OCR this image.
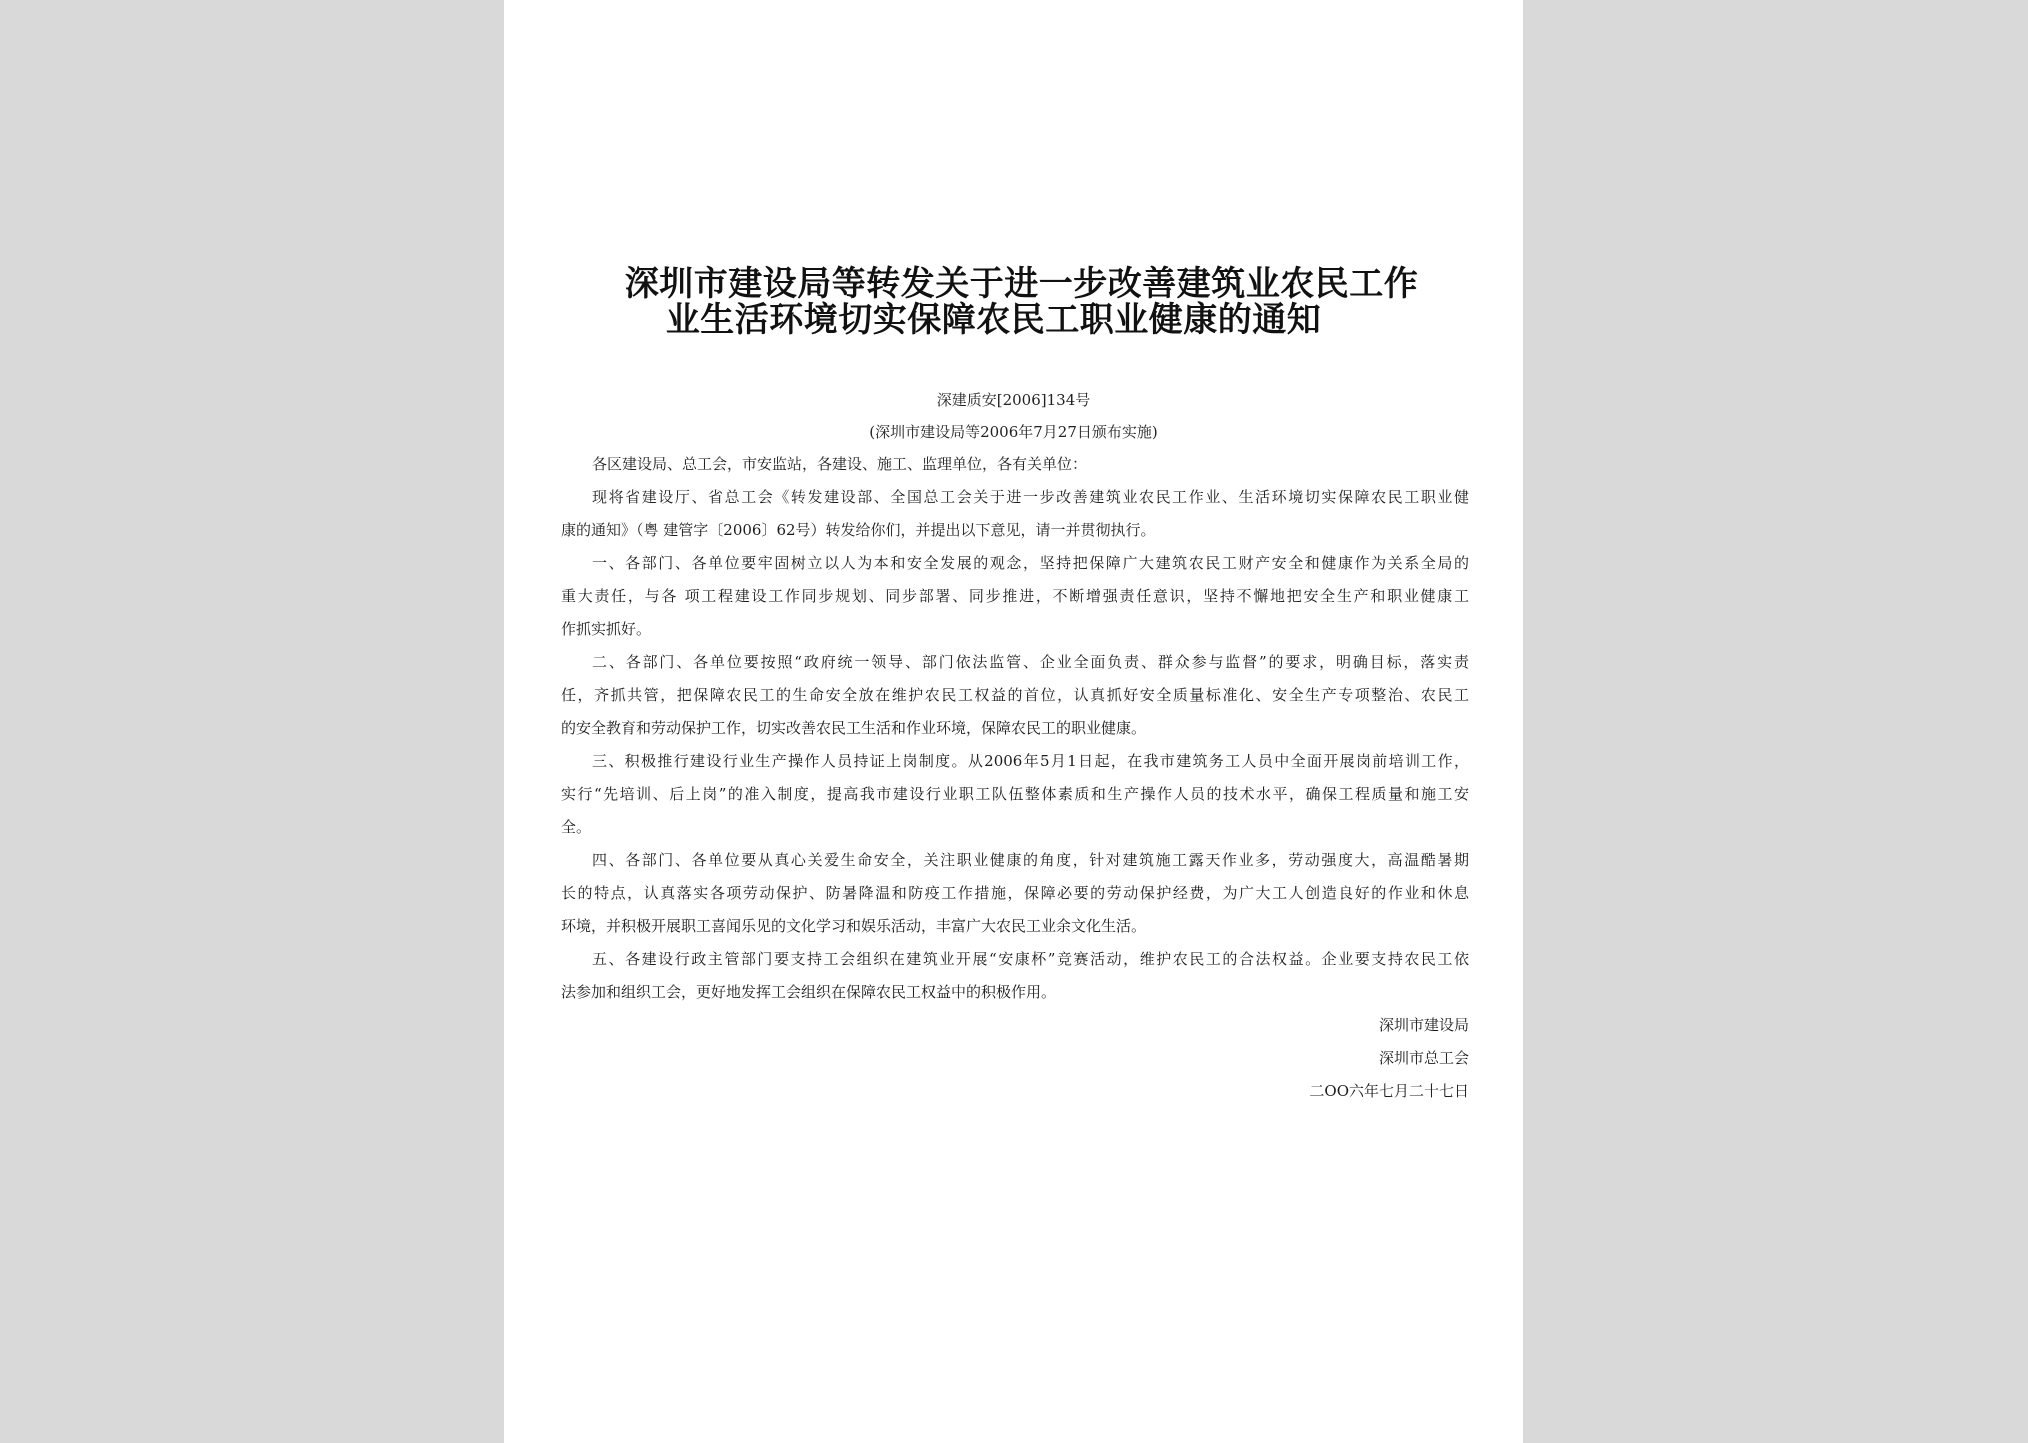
深圳市建设局等转发关于进一步改善建筑业农民工作
业生活环境切实保障农民工职业健康的通知
深建质安[2006]134号
(深圳市建设局等2006年7月27日颁布实施)
各区建设局、总工会，市安监站，各建设、施工、监理单位，各有关单位：
现将省建设厅、省总工会《转发建设部、全国总工会关于进一步改善建筑业农民工作业、生活环境切实保障农民工职业健
康的通知》（粤 建管字〔2006〕62号）转发给你们，并提出以下意见，请一并贯彻执行。
一、各部门、各单位要牢固树立以人为本和安全发展的观念，坚持把保障广大建筑农民工财产安全和健康作为关系全局的
重大责任，与各 项工程建设工作同步规划、同步部署、同步推进，不断增强责任意识，坚持不懈地把安全生产和职业健康工
作抓实抓好。
二、各部门、各单位要按照“政府统一领导、部门依法监管、企业全面负责、群众参与监督”的要求，明确目标，落实责
任，齐抓共管，把保障农民工的生命安全放在维护农民工权益的首位，认真抓好安全质量标准化、安全生产专项整治、农民工
的安全教育和劳动保护工作，切实改善农民工生活和作业环境，保障农民工的职业健康。
三、积极推行建设行业生产操作人员持证上岗制度。从2006年5月1日起，在我市建筑务工人员中全面开展岗前培训工作，
实行“先培训、后上岗”的准入制度，提高我市建设行业职工队伍整体素质和生产操作人员的技术水平，确保工程质量和施工安
全。
四、各部门、各单位要从真心关爱生命安全，关注职业健康的角度，针对建筑施工露天作业多，劳动强度大，高温酷暑期
长的特点，认真落实各项劳动保护、防暑降温和防疫工作措施，保障必要的劳动保护经费，为广大工人创造良好的作业和休息
环境，并积极开展职工喜闻乐见的文化学习和娱乐活动，丰富广大农民工业余文化生活。
五、各建设行政主管部门要支持工会组织在建筑业开展“安康杯”竞赛活动，维护农民工的合法权益。企业要支持农民工依
法参加和组织工会，更好地发挥工会组织在保障农民工权益中的积极作用。
深圳市建设局
深圳市总工会
二OO六年七月二十七日
